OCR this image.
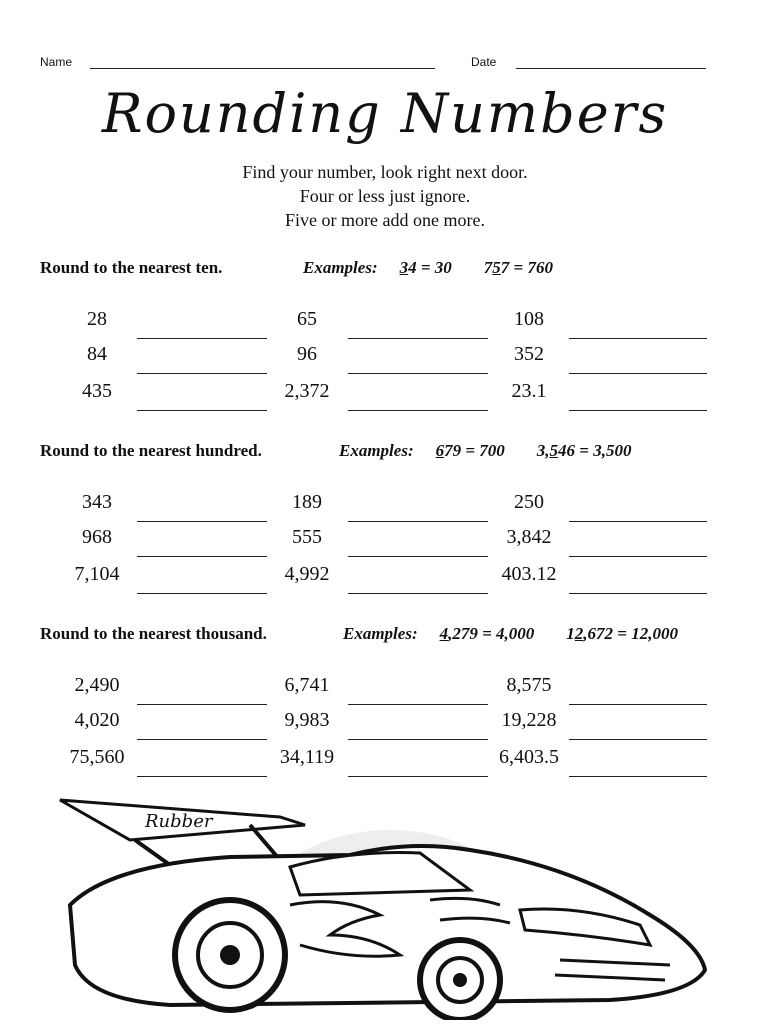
Name	Date
Rounding Numbers
Find your number, look right next door.
Four or less just ignore.
Five or more add one more.
Round to the nearest ten.	Examples: 34 = 30 757 = 760
28	65	108
84	96	352
435	2,372	23.1
Round to the nearest hundred.	Examples: 679 = 700 3,546 = 3,500
343	189	250
968	555	3,842
7,104	4,992	403.12
Round to the nearest thousand.	Examples: 4,279 = 4,000 12,672 = 12,000
2,490	6,741	8,575
4,020	9,983	19,228
75,560	34,119	6,403.5
Rubber
